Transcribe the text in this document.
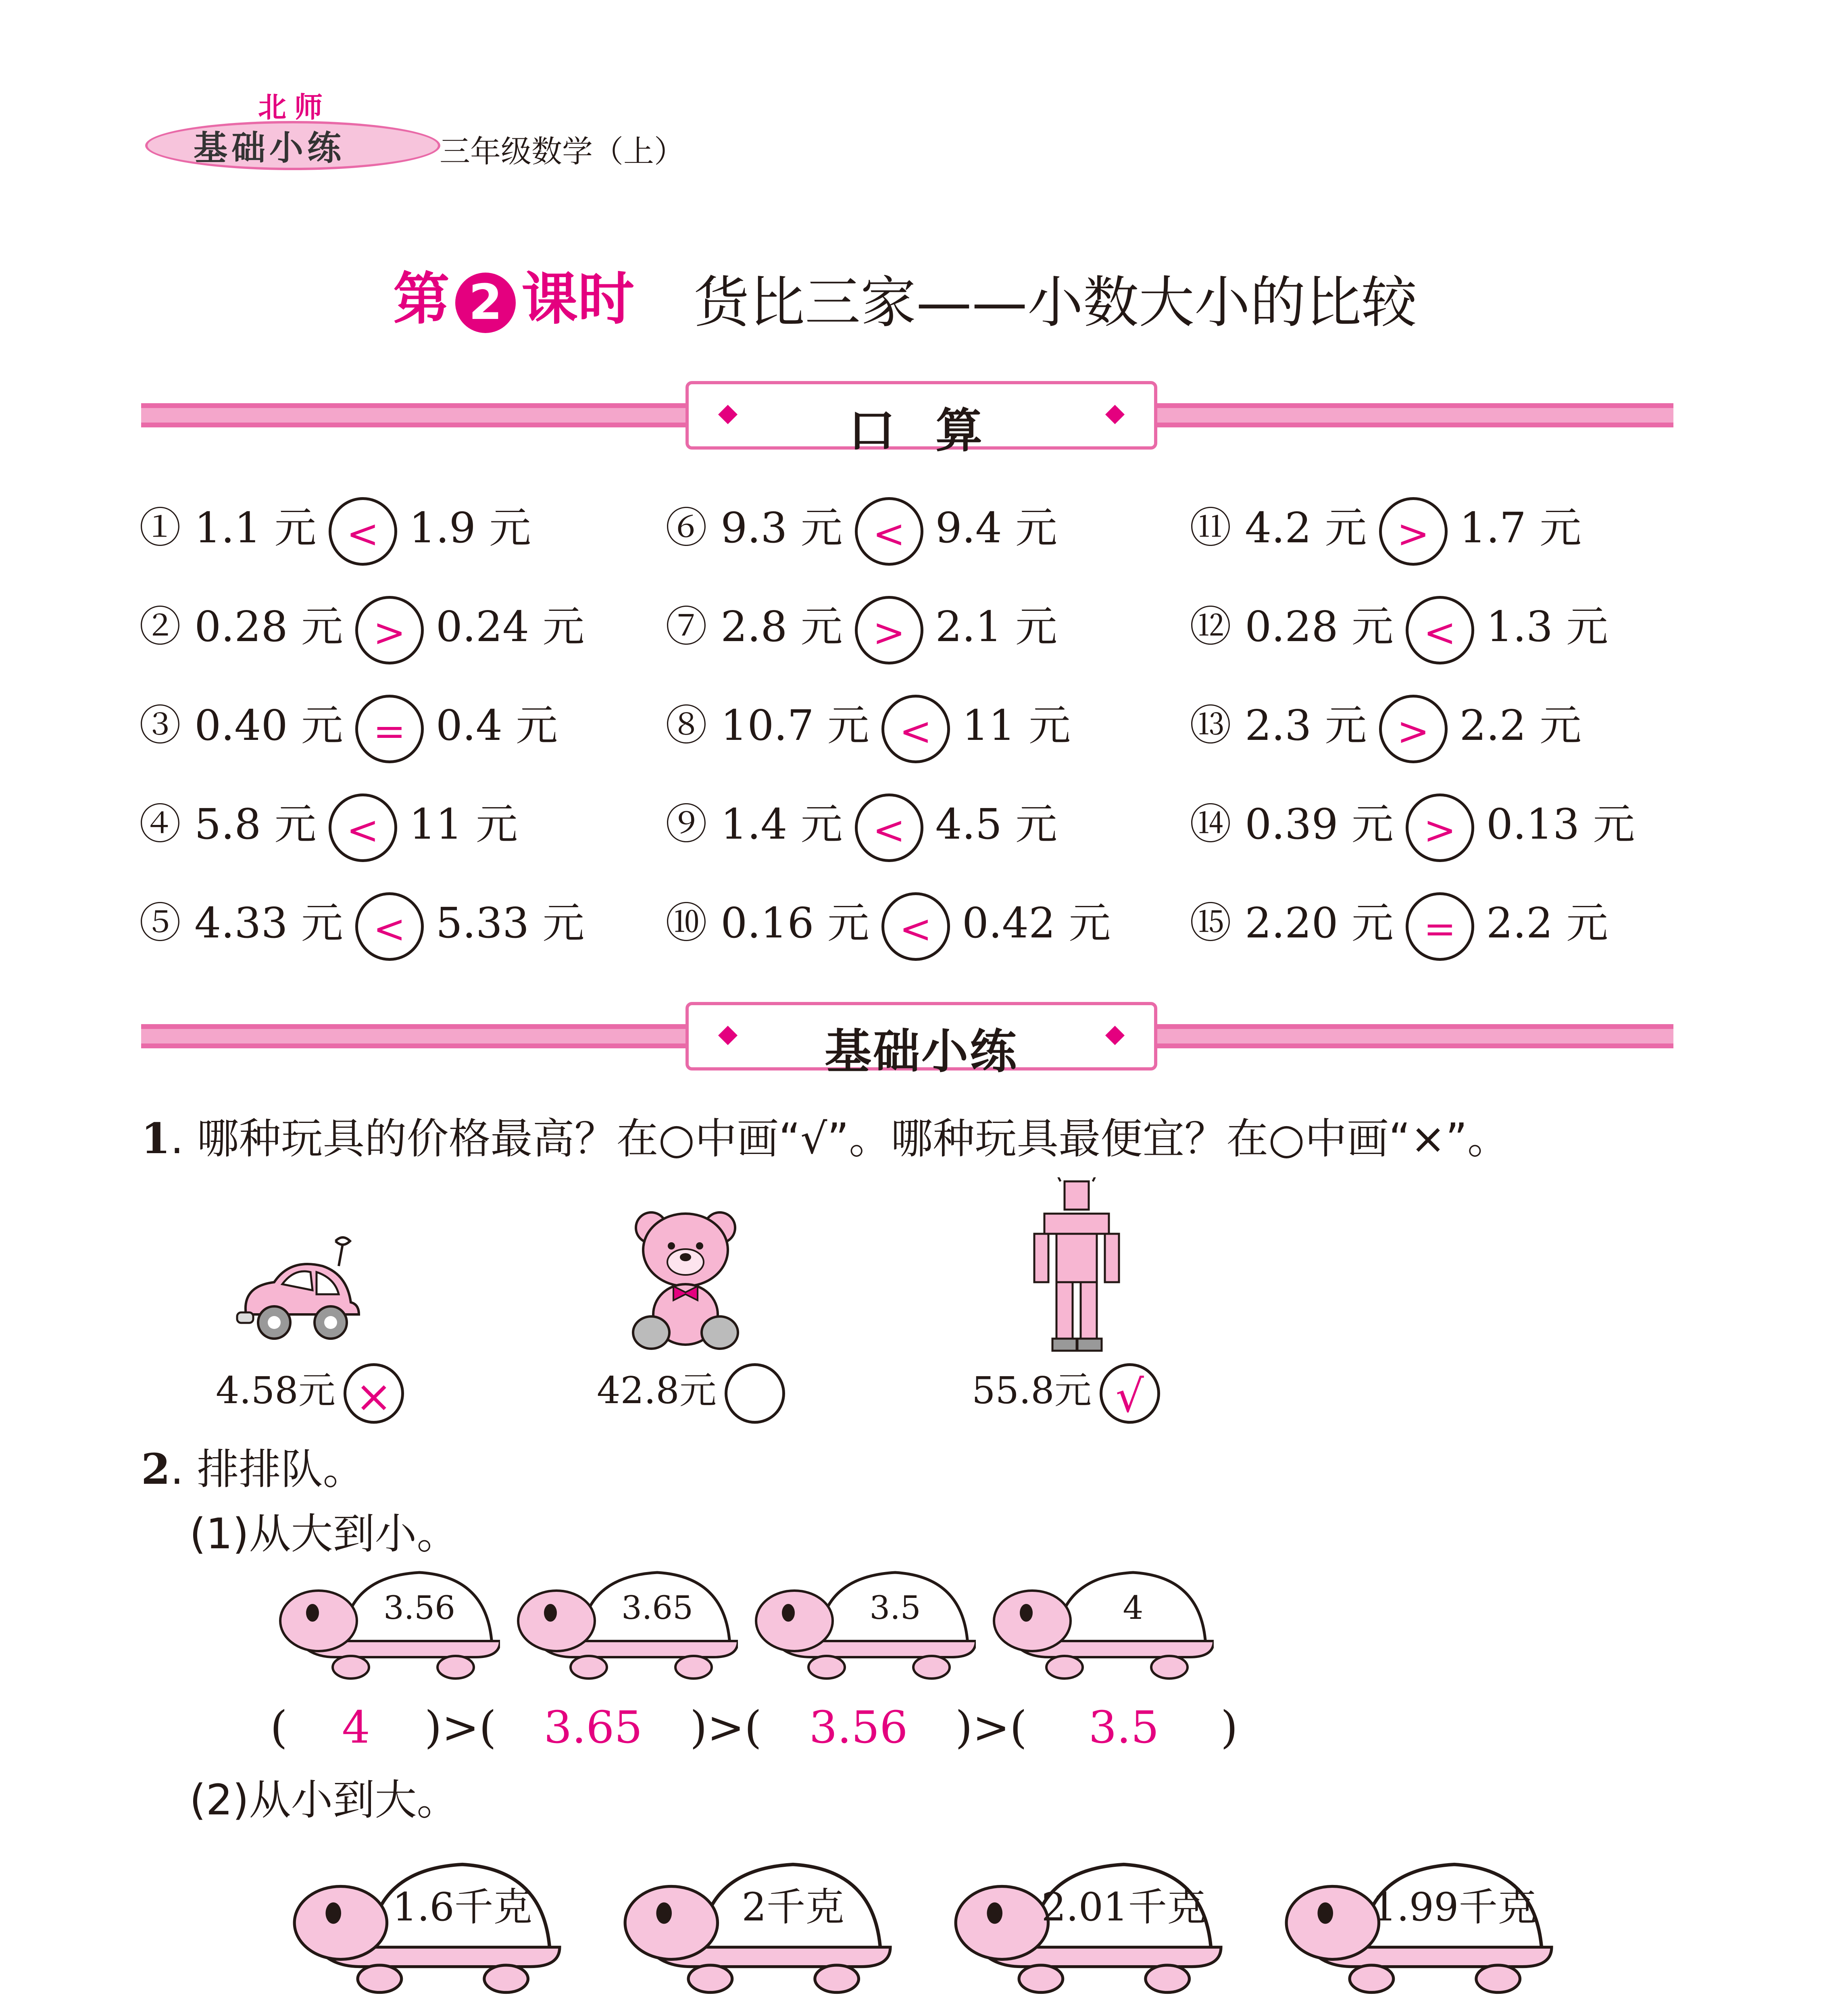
北师
基础小练	三年级数学（上）
第 2 课时 货比三家——小数大小的比较
口 算
① 1.1 元 < 1.9 元
② 0.28 元 > 0.24 元
③ 0.40 元 = 0.4 元
④ 5.8 元 < 11 元
⑤ 4.33 元 < 5.33 元
⑥ 9.3 元 < 9.4 元
⑦ 2.8 元 > 2.1 元
⑧ 10.7 元 < 11 元
⑨ 1.4 元 < 4.5 元
⑩ 0.16 元 < 0.42 元
⑪ 4.2 元 > 1.7 元
⑫ 0.28 元 < 1.3 元
⑬ 2.3 元 > 2.2 元
⑭ 0.39 元 > 0.13 元
⑮ 2.20 元 = 2.2 元
基础小练
1. 哪种玩具的价格最高？在○中画“√”。哪种玩具最便宜？在○中画“×”。
4.58元 ×	42.8元	55.8元 √
2. 排排队。
(1)从大到小。
3.56	3.65	3.5	4
( 4 )>( 3.65 )>( 3.56 )>( 3.5 )
(2)从小到大。
1.6千克	2千克	2.01千克	1.99千克
